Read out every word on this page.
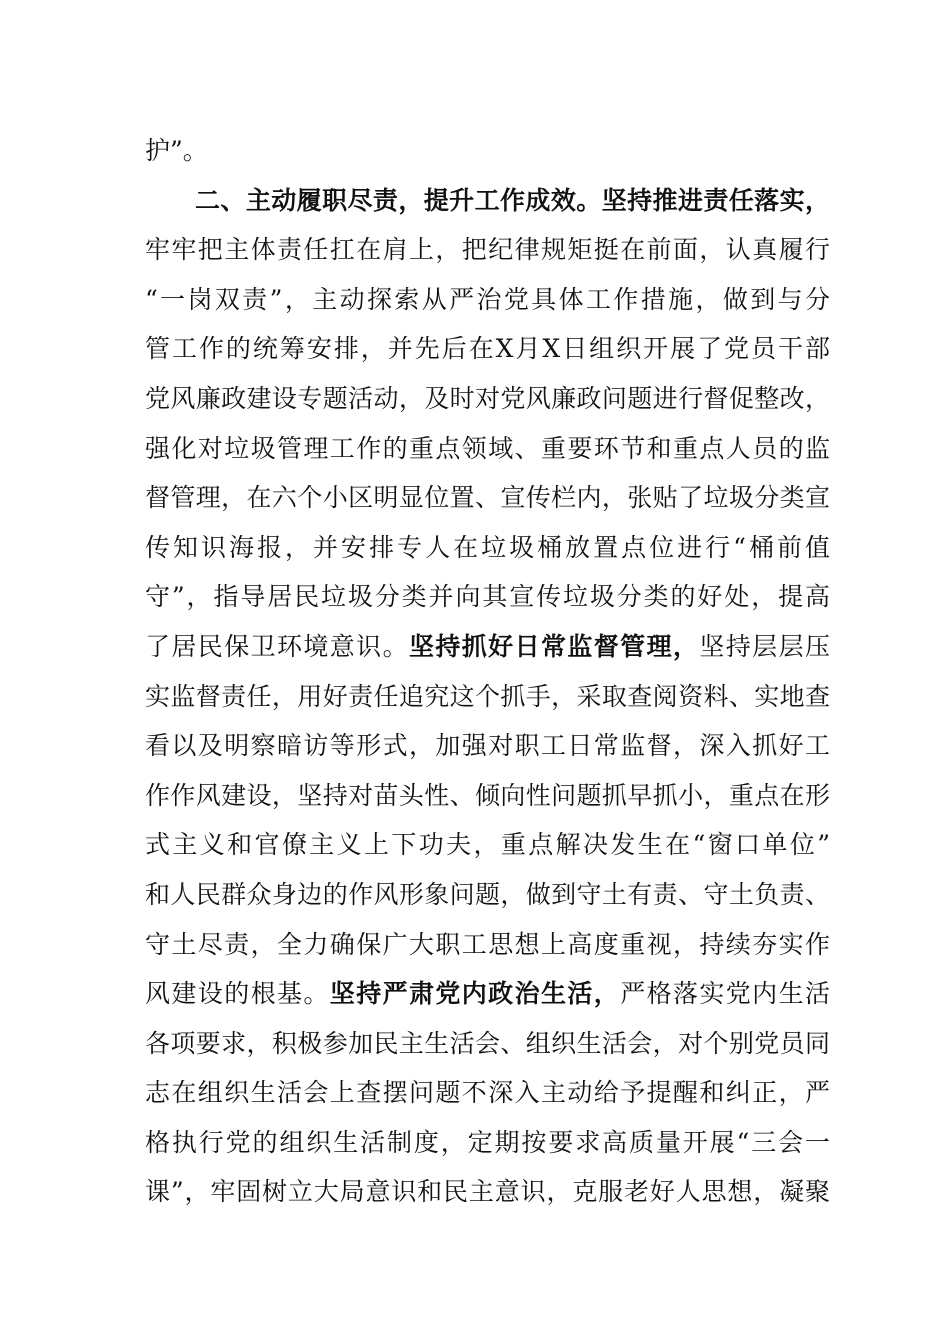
护”。
二、主动履职尽责，提升工作成效。坚持推进责任落实，
牢牢把主体责任扛在肩上，把纪律规矩挺在前面，认真履行
“一岗双责”，主动探索从严治党具体工作措施，做到与分
管工作的统筹安排，并先后在X月X日组织开展了党员干部
党风廉政建设专题活动，及时对党风廉政问题进行督促整改，
强化对垃圾管理工作的重点领域、重要环节和重点人员的监
督管理，在六个小区明显位置、宣传栏内，张贴了垃圾分类宣
传知识海报，并安排专人在垃圾桶放置点位进行“桶前值
守”，指导居民垃圾分类并向其宣传垃圾分类的好处，提高
了居民保卫环境意识。坚持抓好日常监督管理，坚持层层压
实监督责任，用好责任追究这个抓手，采取查阅资料、实地查
看以及明察暗访等形式，加强对职工日常监督，深入抓好工
作作风建设，坚持对苗头性、倾向性问题抓早抓小，重点在形
式主义和官僚主义上下功夫，重点解决发生在“窗口单位”
和人民群众身边的作风形象问题，做到守土有责、守土负责、
守土尽责，全力确保广大职工思想上高度重视，持续夯实作
风建设的根基。坚持严肃党内政治生活，严格落实党内生活
各项要求，积极参加民主生活会、组织生活会，对个别党员同
志在组织生活会上查摆问题不深入主动给予提醒和纠正，严
格执行党的组织生活制度，定期按要求高质量开展“三会一
课”，牢固树立大局意识和民主意识，克服老好人思想，凝聚
